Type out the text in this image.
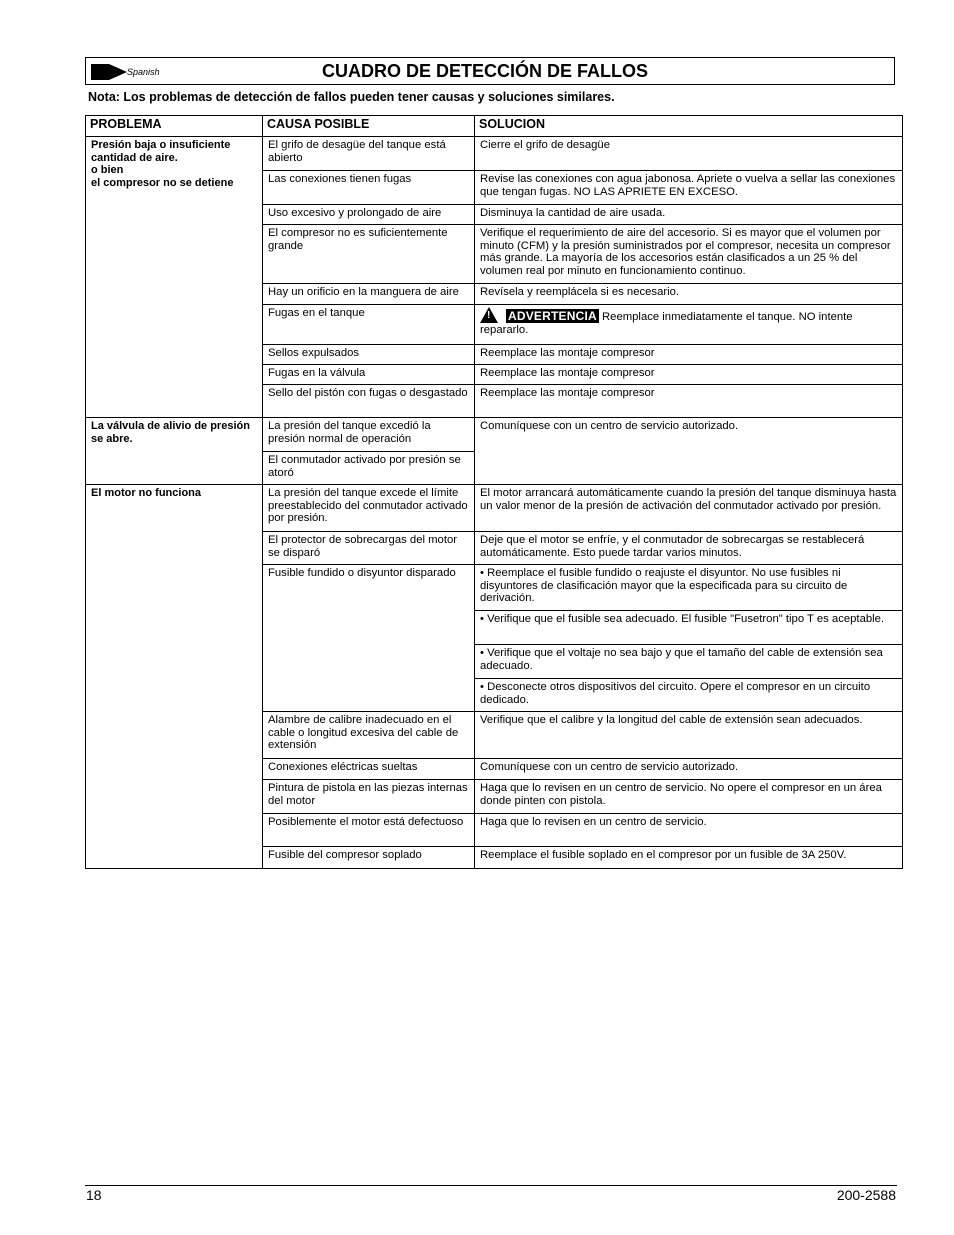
Spanish	CUADRO DE DETECCIÓN DE FALLOS
Nota: Los problemas de detección de fallos pueden tener causas y soluciones similares.
PROBLEMA	CAUSA POSIBLE	SOLUCION

Presión baja o insuficiente cantidad de aire.
o bien
el compresor no se detiene	El grifo de desagüe del tanque está abierto	Cierre el grifo de desagüe
	Las conexiones tienen fugas	Revise las conexiones con agua jabonosa. Apriete o vuelva a sellar las conexiones que tengan fugas. NO LAS APRIETE EN EXCESO.
	Uso excesivo y prolongado de aire	Disminuya la cantidad de aire usada.
	El compresor no es suficientemente grande	Verifique el requerimiento de aire del accesorio. Si es mayor que el volumen por minuto (CFM) y la presión suministrados por el compresor, necesita un compresor más grande. La mayoría de los accesorios están clasificados a un 25 % del volumen real por minuto en funcionamiento continuo.
	Hay un orificio en la manguera de aire	Revísela y reemplácela si es necesario.
	Fugas en el tanque	! ADVERTENCIA Reemplace inmediatamente el tanque. NO intente repararlo.
	Sellos expulsados	Reemplace las montaje compresor
	Fugas en la válvula	Reemplace las montaje compresor
	Sello del pistón con fugas o desgastado	Reemplace las montaje compresor

La válvula de alivio de presión se abre.	La presión del tanque excedió la presión normal de operación	Comuníquese con un centro de servicio autorizado.
	El conmutador activado por presión se atoró	

El motor no funciona	La presión del tanque excede el límite preestablecido del conmutador activado por presión.	El motor arrancará automáticamente cuando la presión del tanque disminuya hasta un valor menor de la presión de activación del conmutador activado por presión.
	El protector de sobrecargas del motor se disparó	Deje que el motor se enfríe, y el conmutador de sobrecargas se restablecerá automáticamente. Esto puede tardar varios minutos.
	Fusible fundido o disyuntor disparado	• Reemplace el fusible fundido o reajuste el disyuntor. No use fusibles ni disyuntores de clasificación mayor que la especificada para su circuito de derivación.
		• Verifique que el fusible sea adecuado. El fusible "Fusetron" tipo T es aceptable.
		• Verifique que el voltaje no sea bajo y que el tamaño del cable de extensión sea adecuado.
		• Desconecte otros dispositivos del circuito. Opere el compresor en un circuito dedicado.
	Alambre de calibre inadecuado en el cable o longitud excesiva del cable de extensión	Verifique que el calibre y la longitud del cable de extensión sean adecuados.
	Conexiones eléctricas sueltas	Comuníquese con un centro de servicio autorizado.
	Pintura de pistola en las piezas internas del motor	Haga que lo revisen en un centro de servicio. No opere el compresor en un área donde pinten con pistola.
	Posiblemente el motor está defectuoso	Haga que lo revisen en un centro de servicio.
	Fusible del compresor soplado	Reemplace el fusible soplado en el compresor por un fusible de 3A 250V.
18	200-2588
